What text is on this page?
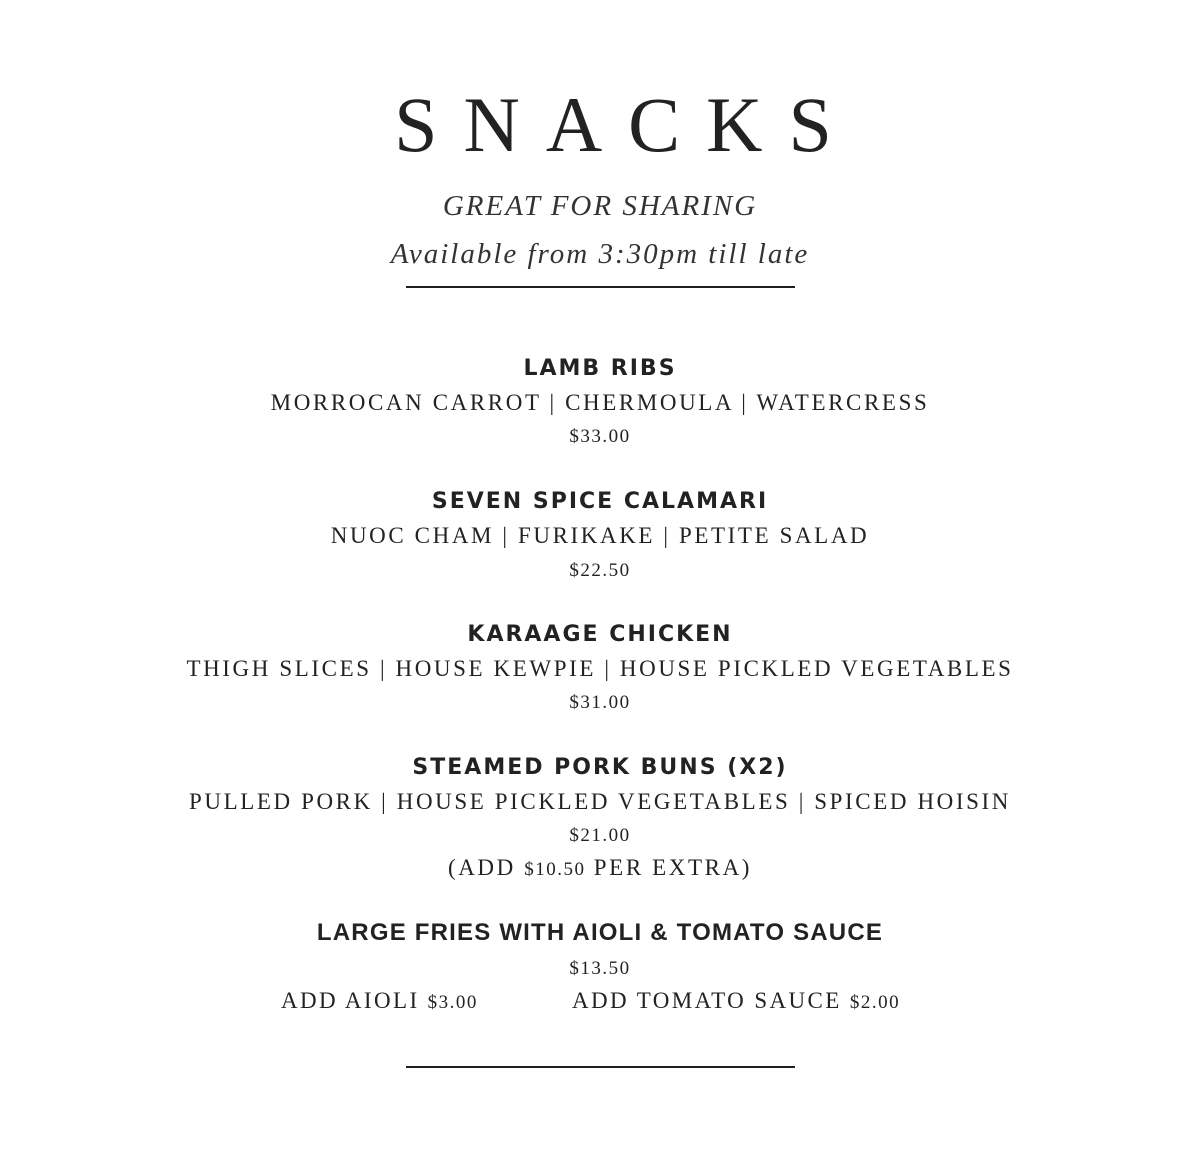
SNACKS
GREAT FOR SHARING
Available from 3:30pm till late
LAMB RIBS
MORROCAN CARROT | CHERMOULA | WATERCRESS
$33.00
SEVEN SPICE CALAMARI
NUOC CHAM | FURIKAKE | PETITE SALAD
$22.50
KARAAGE CHICKEN
THIGH SLICES | HOUSE KEWPIE | HOUSE PICKLED VEGETABLES
$31.00
STEAMED PORK BUNS (X2)
PULLED PORK | HOUSE PICKLED VEGETABLES | SPICED HOISIN
$21.00
(ADD $10.50 PER EXTRA)
LARGE FRIES WITH AIOLI & TOMATO SAUCE
$13.50
ADD AIOLI $3.00	ADD TOMATO SAUCE $2.00
